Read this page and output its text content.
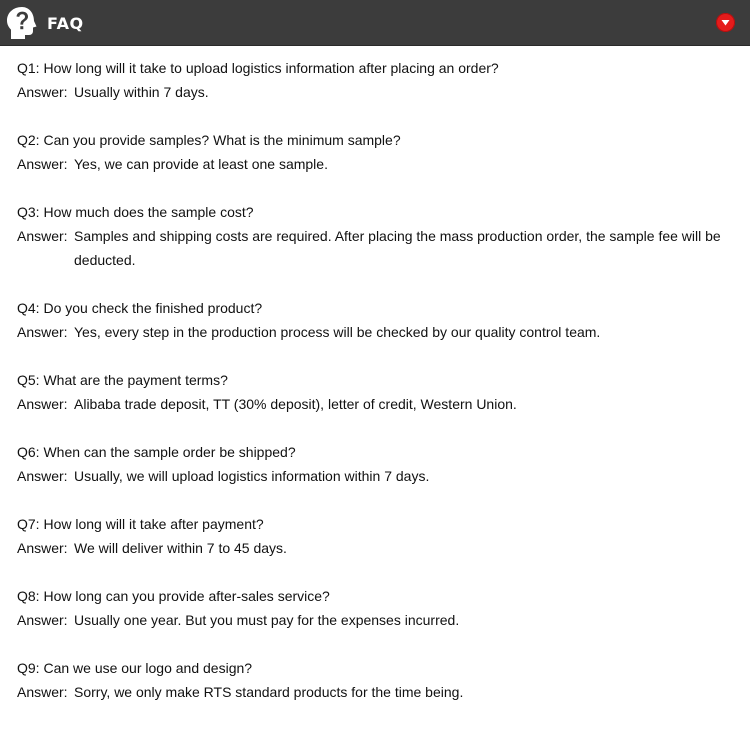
FAQ

Q1: How long will it take to upload logistics information after placing an order?

Answer: Usually within 7 days.

Q2: Can you provide samples? What is the minimum sample?

Answer: Yes, we can provide at least one sample.

Q3: How much does the sample cost?

Answer: Samples and shipping costs are required. After placing the mass production order, the sample fee will be deducted.

Q4: Do you check the finished product?

Answer: Yes, every step in the production process will be checked by our quality control team.

Q5: What are the payment terms?

Answer: Alibaba trade deposit, TT (30% deposit), letter of credit, Western Union.

Q6: When can the sample order be shipped?

Answer: Usually, we will upload logistics information within 7 days.

Q7: How long will it take after payment?

Answer: We will deliver within 7 to 45 days.

Q8: How long can you provide after-sales service?

Answer: Usually one year. But you must pay for the expenses incurred.

Q9: Can we use our logo and design?

Answer: Sorry, we only make RTS standard products for the time being.
